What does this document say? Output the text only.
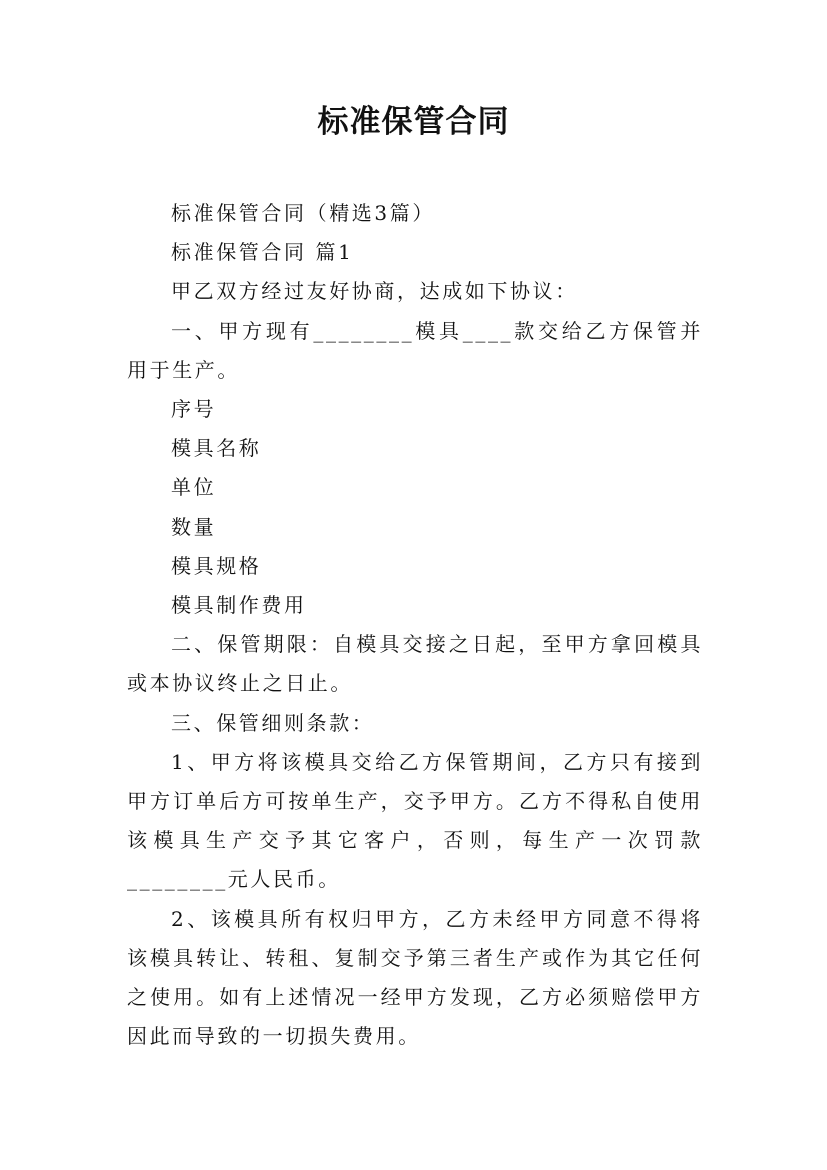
标准保管合同

标准保管合同（精选3篇）

标准保管合同 篇1

甲乙双方经过友好协商，达成如下协议：

一、甲方现有________模具____款交给乙方保管并用于生产。

序号

模具名称

单位

数量

模具规格

模具制作费用

二、保管期限：自模具交接之日起，至甲方拿回模具或本协议终止之日止。

三、保管细则条款：

1、甲方将该模具交给乙方保管期间，乙方只有接到甲方订单后方可按单生产，交予甲方。乙方不得私自使用该模具生产交予其它客户，否则，每生产一次罚款________元人民币。

2、该模具所有权归甲方，乙方未经甲方同意不得将该模具转让、转租、复制交予第三者生产或作为其它任何之使用。如有上述情况一经甲方发现，乙方必须赔偿甲方因此而导致的一切损失费用。
